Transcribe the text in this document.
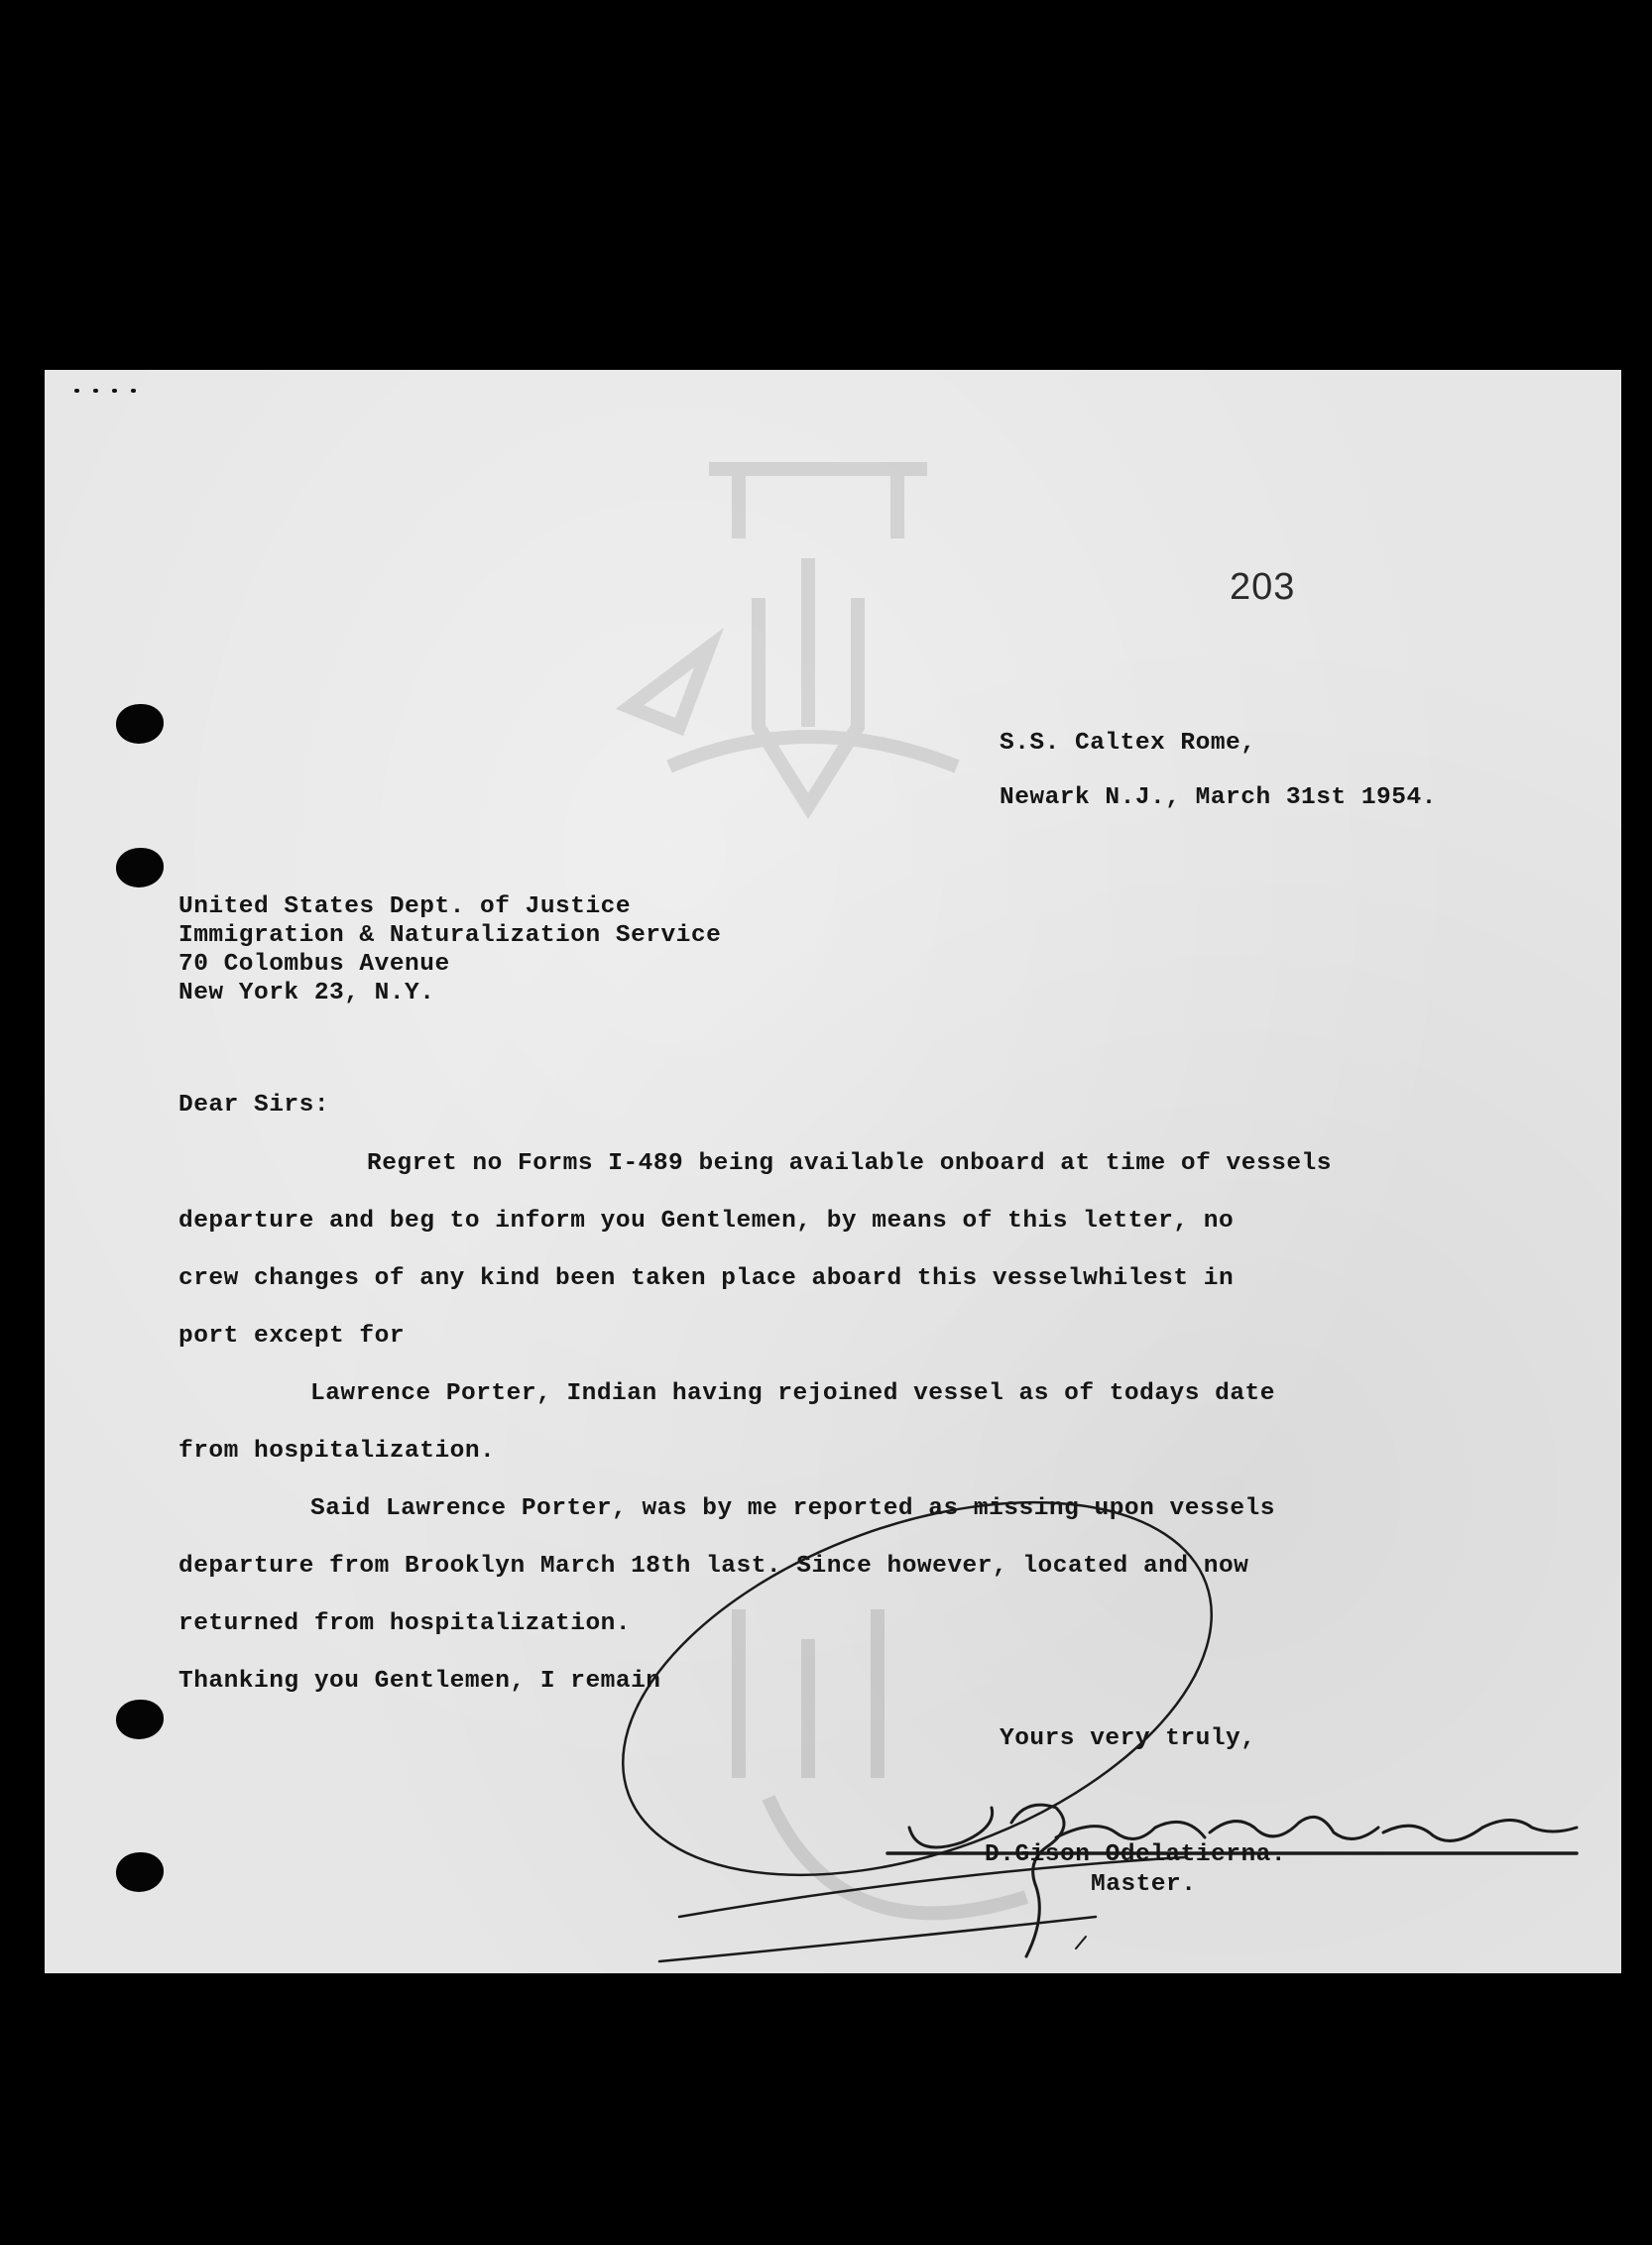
203

S.S. Caltex Rome,

Newark N.J., March 31st 1954.

United States Dept. of Justice

Immigration & Naturalization Service

70 Colombus Avenue

New York 23, N.Y.

Dear Sirs:

Regret no Forms I-489 being available onboard at time of vessels

departure and beg to inform you Gentlemen, by means of this letter, no

crew changes of any kind been taken place aboard this vesselwhilest in

port except for

Lawrence Porter, Indian having rejoined vessel as of todays date

from hospitalization.

Said Lawrence Porter, was by me reported as missing upon vessels

departure from Brooklyn March 18th last. Since however, located and now

returned from hospitalization.

Thanking you Gentlemen, I remain

Yours very truly,

D.Gison Odelatierna.

Master.
